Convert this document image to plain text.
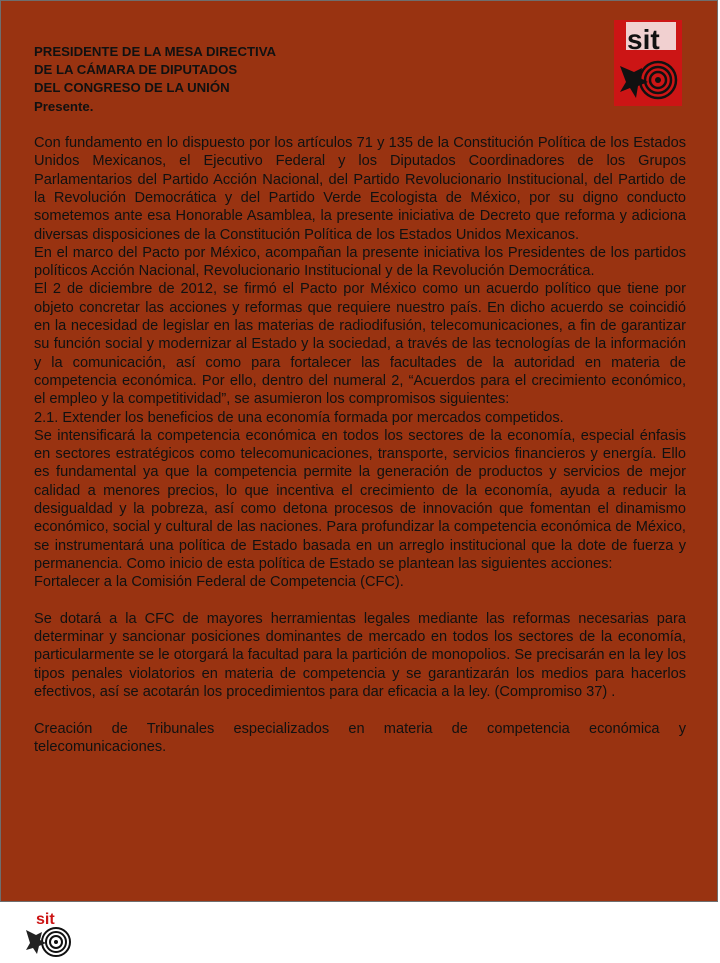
sit
PRESIDENTE DE LA MESA DIRECTIVA
DE LA CÁMARA DE DIPUTADOS
DEL CONGRESO DE LA UNIÓN
Presente.

Con fundamento en lo dispuesto por los artículos 71 y 135 de la Constitución Política de los Estados Unidos Mexicanos, el Ejecutivo Federal y los Diputados Coordinadores de los Grupos Parlamentarios del Partido Acción Nacional, del Partido Revolucionario Institucional, del Partido de la Revolución Democrática y del Partido Verde Ecologista de México, por su digno conducto sometemos ante esa Honorable Asamblea, la presente iniciativa de Decreto que reforma y adiciona diversas disposiciones de la Constitución Política de los Estados Unidos Mexicanos.

En el marco del Pacto por México, acompañan la presente iniciativa los Presidentes de los partidos políticos Acción Nacional, Revolucionario Institucional y de la Revolución Democrática.

El 2 de diciembre de 2012, se firmó el Pacto por México como un acuerdo político que tiene por objeto concretar las acciones y reformas que requiere nuestro país. En dicho acuerdo se coincidió en la necesidad de legislar en las materias de radiodifusión, telecomunicaciones, a fin de garantizar su función social y modernizar al Estado y la sociedad, a través de las tecnologías de la información y la comunicación, así como para fortalecer las facultades de la autoridad en materia de competencia económica. Por ello, dentro del numeral 2, “Acuerdos para el crecimiento económico, el empleo y la competitividad”, se asumieron los compromisos siguientes:

2.1. Extender los beneficios de una economía formada por mercados competidos.

Se intensificará la competencia económica en todos los sectores de la economía, especial énfasis en sectores estratégicos como telecomunicaciones, transporte, servicios financieros y energía. Ello es fundamental ya que la competencia permite la generación de productos y servicios de mejor calidad a menores precios, lo que incentiva el crecimiento de la economía, ayuda a reducir la desigualdad y la pobreza, así como detona procesos de innovación que fomentan el dinamismo económico, social y cultural de las naciones. Para profundizar la competencia económica de México, se instrumentará una política de Estado basada en un arreglo institucional que la dote de fuerza y permanencia. Como inicio de esta política de Estado se plantean las siguientes acciones:

Fortalecer a la Comisión Federal de Competencia (CFC).

Se dotará a la CFC de mayores herramientas legales mediante las reformas necesarias para determinar y sancionar posiciones dominantes de mercado en todos los sectores de la economía, particularmente se le otorgará la facultad para la partición de monopolios. Se precisarán en la ley los tipos penales violatorios en materia de competencia y se garantizarán los medios para hacerlos efectivos, así se acotarán los procedimientos para dar eficacia a la ley. (Compromiso 37) .

Creación de Tribunales especializados en materia de competencia económica y telecomunicaciones.

sit
